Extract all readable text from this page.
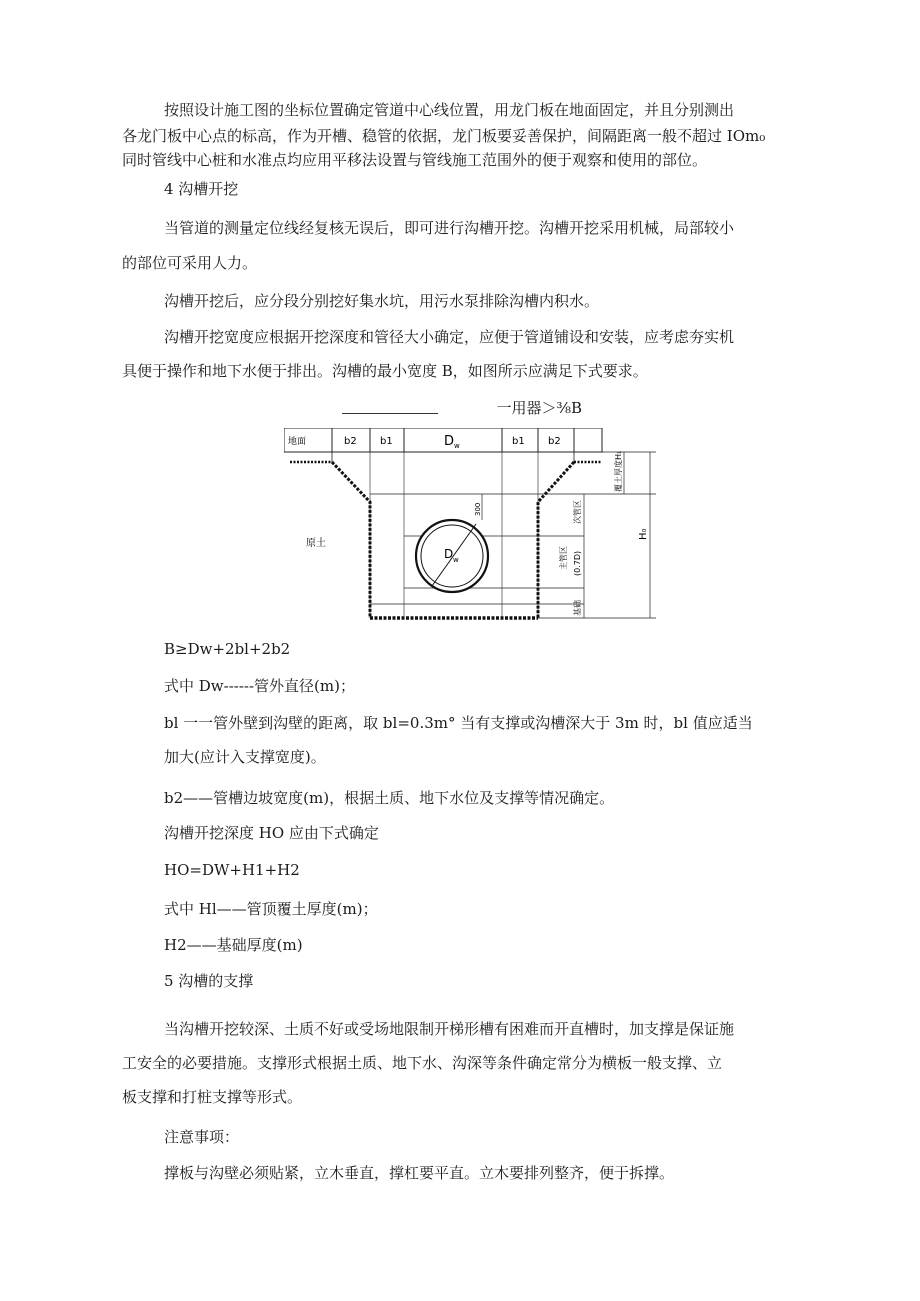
按照设计施工图的坐标位置确定管道中心线位置，用龙门板在地面固定，并且分别测出

各龙门板中心点的标高，作为开槽、稳管的依据，龙门板要妥善保护，间隔距离一般不超过 IOm₀

同时管线中心桩和水准点均应用平移法设置与管线施工范围外的便于观察和使用的部位。

4 沟槽开挖

当管道的测量定位线经复核无误后，即可进行沟槽开挖。沟槽开挖采用机械，局部较小

的部位可采用人力。

沟槽开挖后，应分段分别挖好集水坑，用污水泵排除沟槽内积水。

沟槽开挖宽度应根据开挖深度和管径大小确定，应便于管道铺设和安装，应考虑夯实机

具便于操作和地下水便于排出。沟槽的最小宽度 B，如图所示应满足下式要求。

一用器＞⅜B
地面	b2 b1	D w	b1 b2
D w
300
原土
次管区
主管区 (0.7D)
基础
覆土厚度H₁
H₀

B≥Dw+2bl+2b2

式中 Dw------管外直径(m)；

bl 一一管外壁到沟壁的距离，取 bl=0.3m° 当有支撑或沟槽深大于 3m 时，bl 值应适当

加大(应计入支撑宽度)。

b2——管槽边坡宽度(m)，根据土质、地下水位及支撑等情况确定。

沟槽开挖深度 HO 应由下式确定

HO=DW+H1+H2

式中 Hl——管顶覆土厚度(m)；

H2——基础厚度(m)

5 沟槽的支撑

当沟槽开挖较深、土质不好或受场地限制开梯形槽有困难而开直槽时，加支撑是保证施

工安全的必要措施。支撑形式根据土质、地下水、沟深等条件确定常分为横板一般支撑、立

板支撑和打桩支撑等形式。

注意事项：

撑板与沟壁必须贴紧，立木垂直，撑杠要平直。立木要排列整齐，便于拆撑。
